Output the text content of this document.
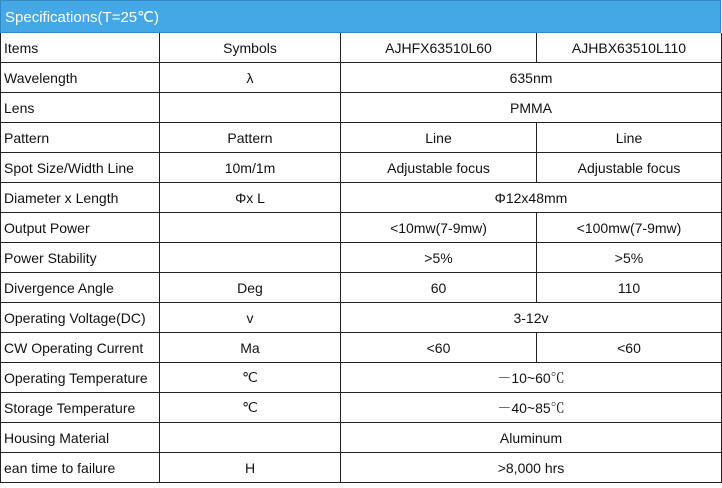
Specifications(T=25℃)
Items	Symbols	AJHFX63510L60	AJHBX63510L110
Wavelength	λ	635nm	
Lens		PMMA	
Pattern	Pattern	Line	Line
Spot Size/Width Line	10m/1m	Adjustable focus	Adjustable focus
Diameter x Length	Φx L	Φ12x48mm	
Output Power		<10mw(7-9mw)	<100mw(7-9mw)
Power Stability		>5%	>5%
Divergence Angle	Deg	60	110
Operating Voltage(DC)	v	3-12v	
CW Operating Current	Ma	<60	<60
Operating Temperature	℃	－10~60℃	
Storage Temperature	℃	－40~85℃	
Housing Material		Aluminum	
ean time to failure	H	>8,000 hrs	
